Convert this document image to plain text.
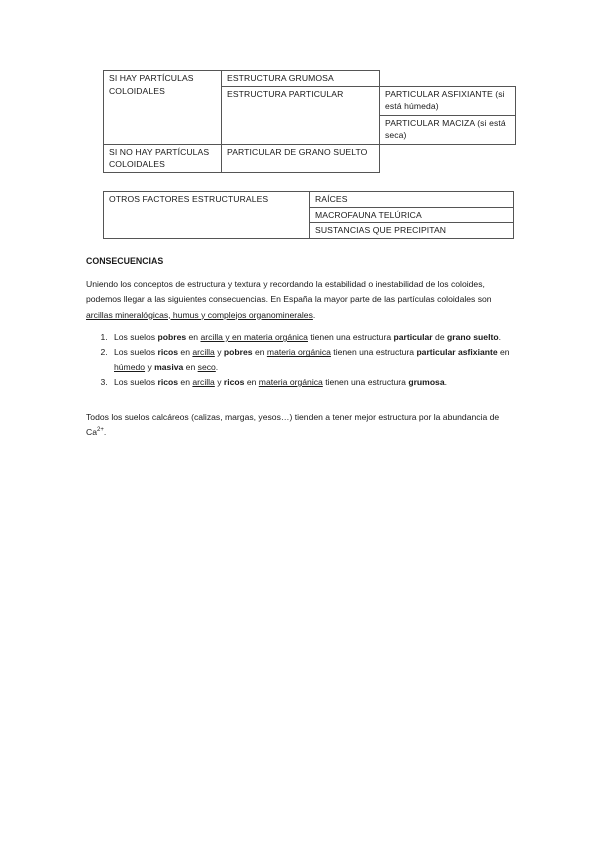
SI HAY PARTÍCULAS
COLOIDALES	ESTRUCTURA GRUMOSA	
	ESTRUCTURA PARTICULAR	PARTICULAR ASFIXIANTE (si está húmeda)
		PARTICULAR MACIZA (si está seca)
SI NO HAY PARTÍCULAS
COLOIDALES	PARTICULAR DE GRANO SUELTO	
OTROS FACTORES ESTRUCTURALES	RAÍCES
MACROFAUNA TELÚRICA
SUSTANCIAS QUE PRECIPITAN
CONSECUENCIAS
Uniendo los conceptos de estructura y textura y recordando la estabilidad o inestabilidad de los coloides, podemos llegar a las siguientes consecuencias. En España la mayor parte de las partículas coloidales son arcillas mineralógicas, humus y complejos organominerales.
1. Los suelos pobres en arcilla y en materia orgánica tienen una estructura particular de grano suelto.
2. Los suelos ricos en arcilla y pobres en materia orgánica tienen una estructura particular asfixiante en húmedo y masiva en seco.
3. Los suelos ricos en arcilla y ricos en materia orgánica tienen una estructura grumosa.
Todos los suelos calcáreos (calizas, margas, yesos…) tienden a tener mejor estructura por la abundancia de $Ca^{2+}$.
